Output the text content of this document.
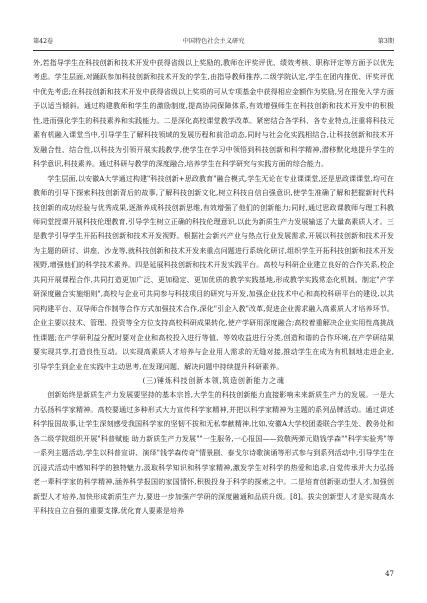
第42卷	中国特色社会主义研究	第3期

外,若指导学生在科技创新和技术开发中获得省级以上奖励的,教师在评奖评优、绩效考核、职称评定等方面予以优先考虑。学生层面,对踊跃参加科技创新和技术开发的学生,由指导教师推荐,二级学院认定,学生在团内推优、评奖评优中优先考虑;在科技创新和技术开发中获得省级以上奖项的可从专项基金中获得相应金额作为奖励,另在推免入学方面予以适当倾斜。通过构建教师和学生的激励制度,提高协同保障体系,有效增强师生在科技创新和技术开发中的积极性,进而强化学生的科技素养和实践能力。二是深化高校课堂教学改革。紧密结合各学科、各专业特点,注重将科技元素有机融入课堂当中,引导学生了解科技领域的发展历程和前沿动态,同时与社会化实践相结合,让科技创新和技术开发融合性、结合性,以科技为引领开展实践教学,使学生在学习中领悟到科技创新和科学精神,潜移默化地提升学生的科学意识,科技素养。通过科研与教学的深度融合,培养学生在科学研究与实践方面的综合能力。

学生层面,以安徽A大学通过构建"科技创新+思政教育"融合模式,学生无论在专业课课堂,还是思政课课堂,均可在教师的引导下探索科技创新背后的故事,了解科技创新文化,树立科技自信自强意识,使学生准确了解和把握新时代科技创新的成功经验与优秀成果,逐渐养成科技创新思维,有效增强了他们的创新能力;同时,通过思政课教师与理工科教师同堂授课开展科技伦理教育,引导学生树立正确的科技伦理意识,以此为新质生产力发展输送了大量高素质人才。三是教学引导学生开拓科技创新和技术开发视野。根据社会新兴产业与热点行业发展需求,开展以科技创新和技术开发为主题的研讨、讲座、沙龙等,就科技创新和技术开发来重点问题进行系统化研讨,组织学生开拓科技创新和技术开发视野,增强他们的科学技术素养。四是延展科技创新和技术开发实践平台。高校与科研企业建立良好的合作关系,校企共同开展课程合作,共同打造更加广泛、更加稳定、更加优质的教学实践基地,形成教学实践常态化机制。制定"产学研深度融合实施细则",高校与企业可共同参与科技项目的研究与开发,加强企业技术中心和高校科研平台的建设,以共同构建平台、双导师合作制等合作方式加强技术合作,深化"引企入教"改革,促进企业需求融入高素质人才培养环节。企业主要以技术、管理、投资等全方位支持高校科研成果转化,使产学研用深度融合;高校着重解决企业实用性高挑战性课题;在产学研利益分配时要对企业和高校投入进行等值、等效收益进行分类,创造和谐的合作环境,在产学研结果要实现共享,打造良性互动。以实现高素质人才培养与企业用人需求的无缝对接,推动学生在成为有机制地走进企业,引导学生到企业在实践中主动思考,在发现问题、解决问题中持续提升科研素养。

(三)锤炼科技创新本领,筑造创新能力之魂

创新始终是新质生产力发展要坚持的基本宗旨,大学生的科技创新能力直接影响未来新质生产力的发展。一是大力弘扬科学家精神。高校要通过多种形式大力宣传科学家精神,并把以科学家精神为主题的系列品牌活动。通过讲述科学报国故事,让学生深刻感受我国科学家的坚韧不拔和无私奉献精神,比如,安徽A大学校团委联合学生处、教务处和各二级学院组织开展"科普赋能 助力新质生产力发展""一生服务,一心报国——致敬两弹元勋钱学森""科学实验秀"等一系列主题活动,学生以科普宣讲、演绎"钱学森传奇"情景剧、泰戈尔诗歌演诵等形式参与到系列活动中,引导学生在沉浸式活动中感知科学的独特魅力,汲取科学知识和科学家精神,激发学生对科学的热爱和追求,自觉传承并大力弘扬老一辈科学家的科学精神,涵养科学报国的家国情怀,积极投身于科学的探索之中。二是培育创新驱动型人才,加强创新型人才培养,加快形成新质生产力,要进一步加强产学研的深度融通和品质升级。[8]。拔尖创新型人才是实现高水平科技自立自强的重要支撑,优化育人要素是培养

47
